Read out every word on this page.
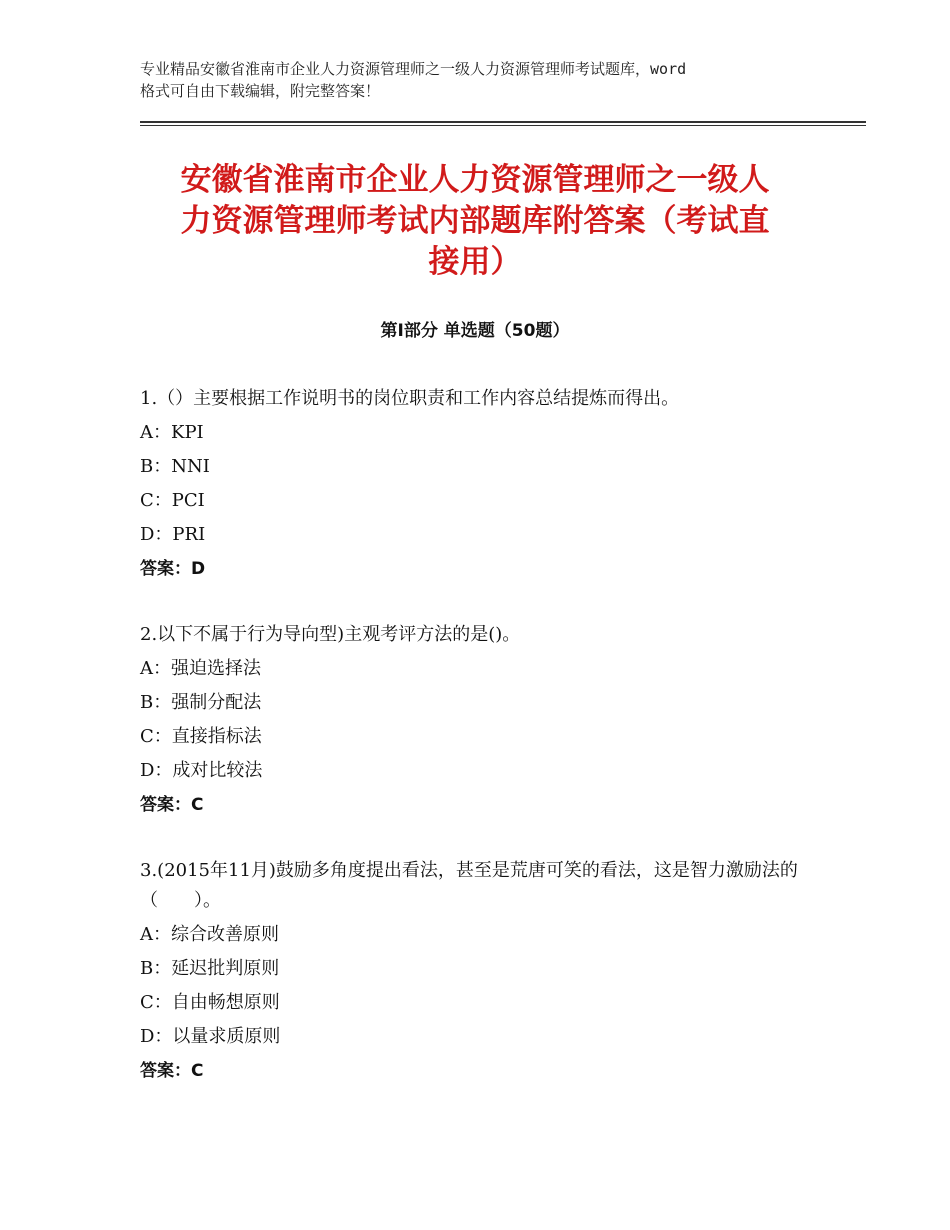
专业精品安徽省淮南市企业人力资源管理师之一级人力资源管理师考试题库，word
格式可自由下载编辑，附完整答案！
安徽省淮南市企业人力资源管理师之一级人
力资源管理师考试内部题库附答案（考试直
接用）
第Ⅰ部分 单选题（50题）
1.（）主要根据工作说明书的岗位职责和工作内容总结提炼而得出。
A：KPI
B：NNI
C：PCI
D：PRI
答案：D
2.以下不属于行为导向型)主观考评方法的是()。
A：强迫选择法
B：强制分配法
C：直接指标法
D：成对比较法
答案：C
3.(2015年11月)鼓励多角度提出看法，甚至是荒唐可笑的看法，这是智力激励法的（　　）。
A：综合改善原则
B：延迟批判原则
C：自由畅想原则
D：以量求质原则
答案：C
